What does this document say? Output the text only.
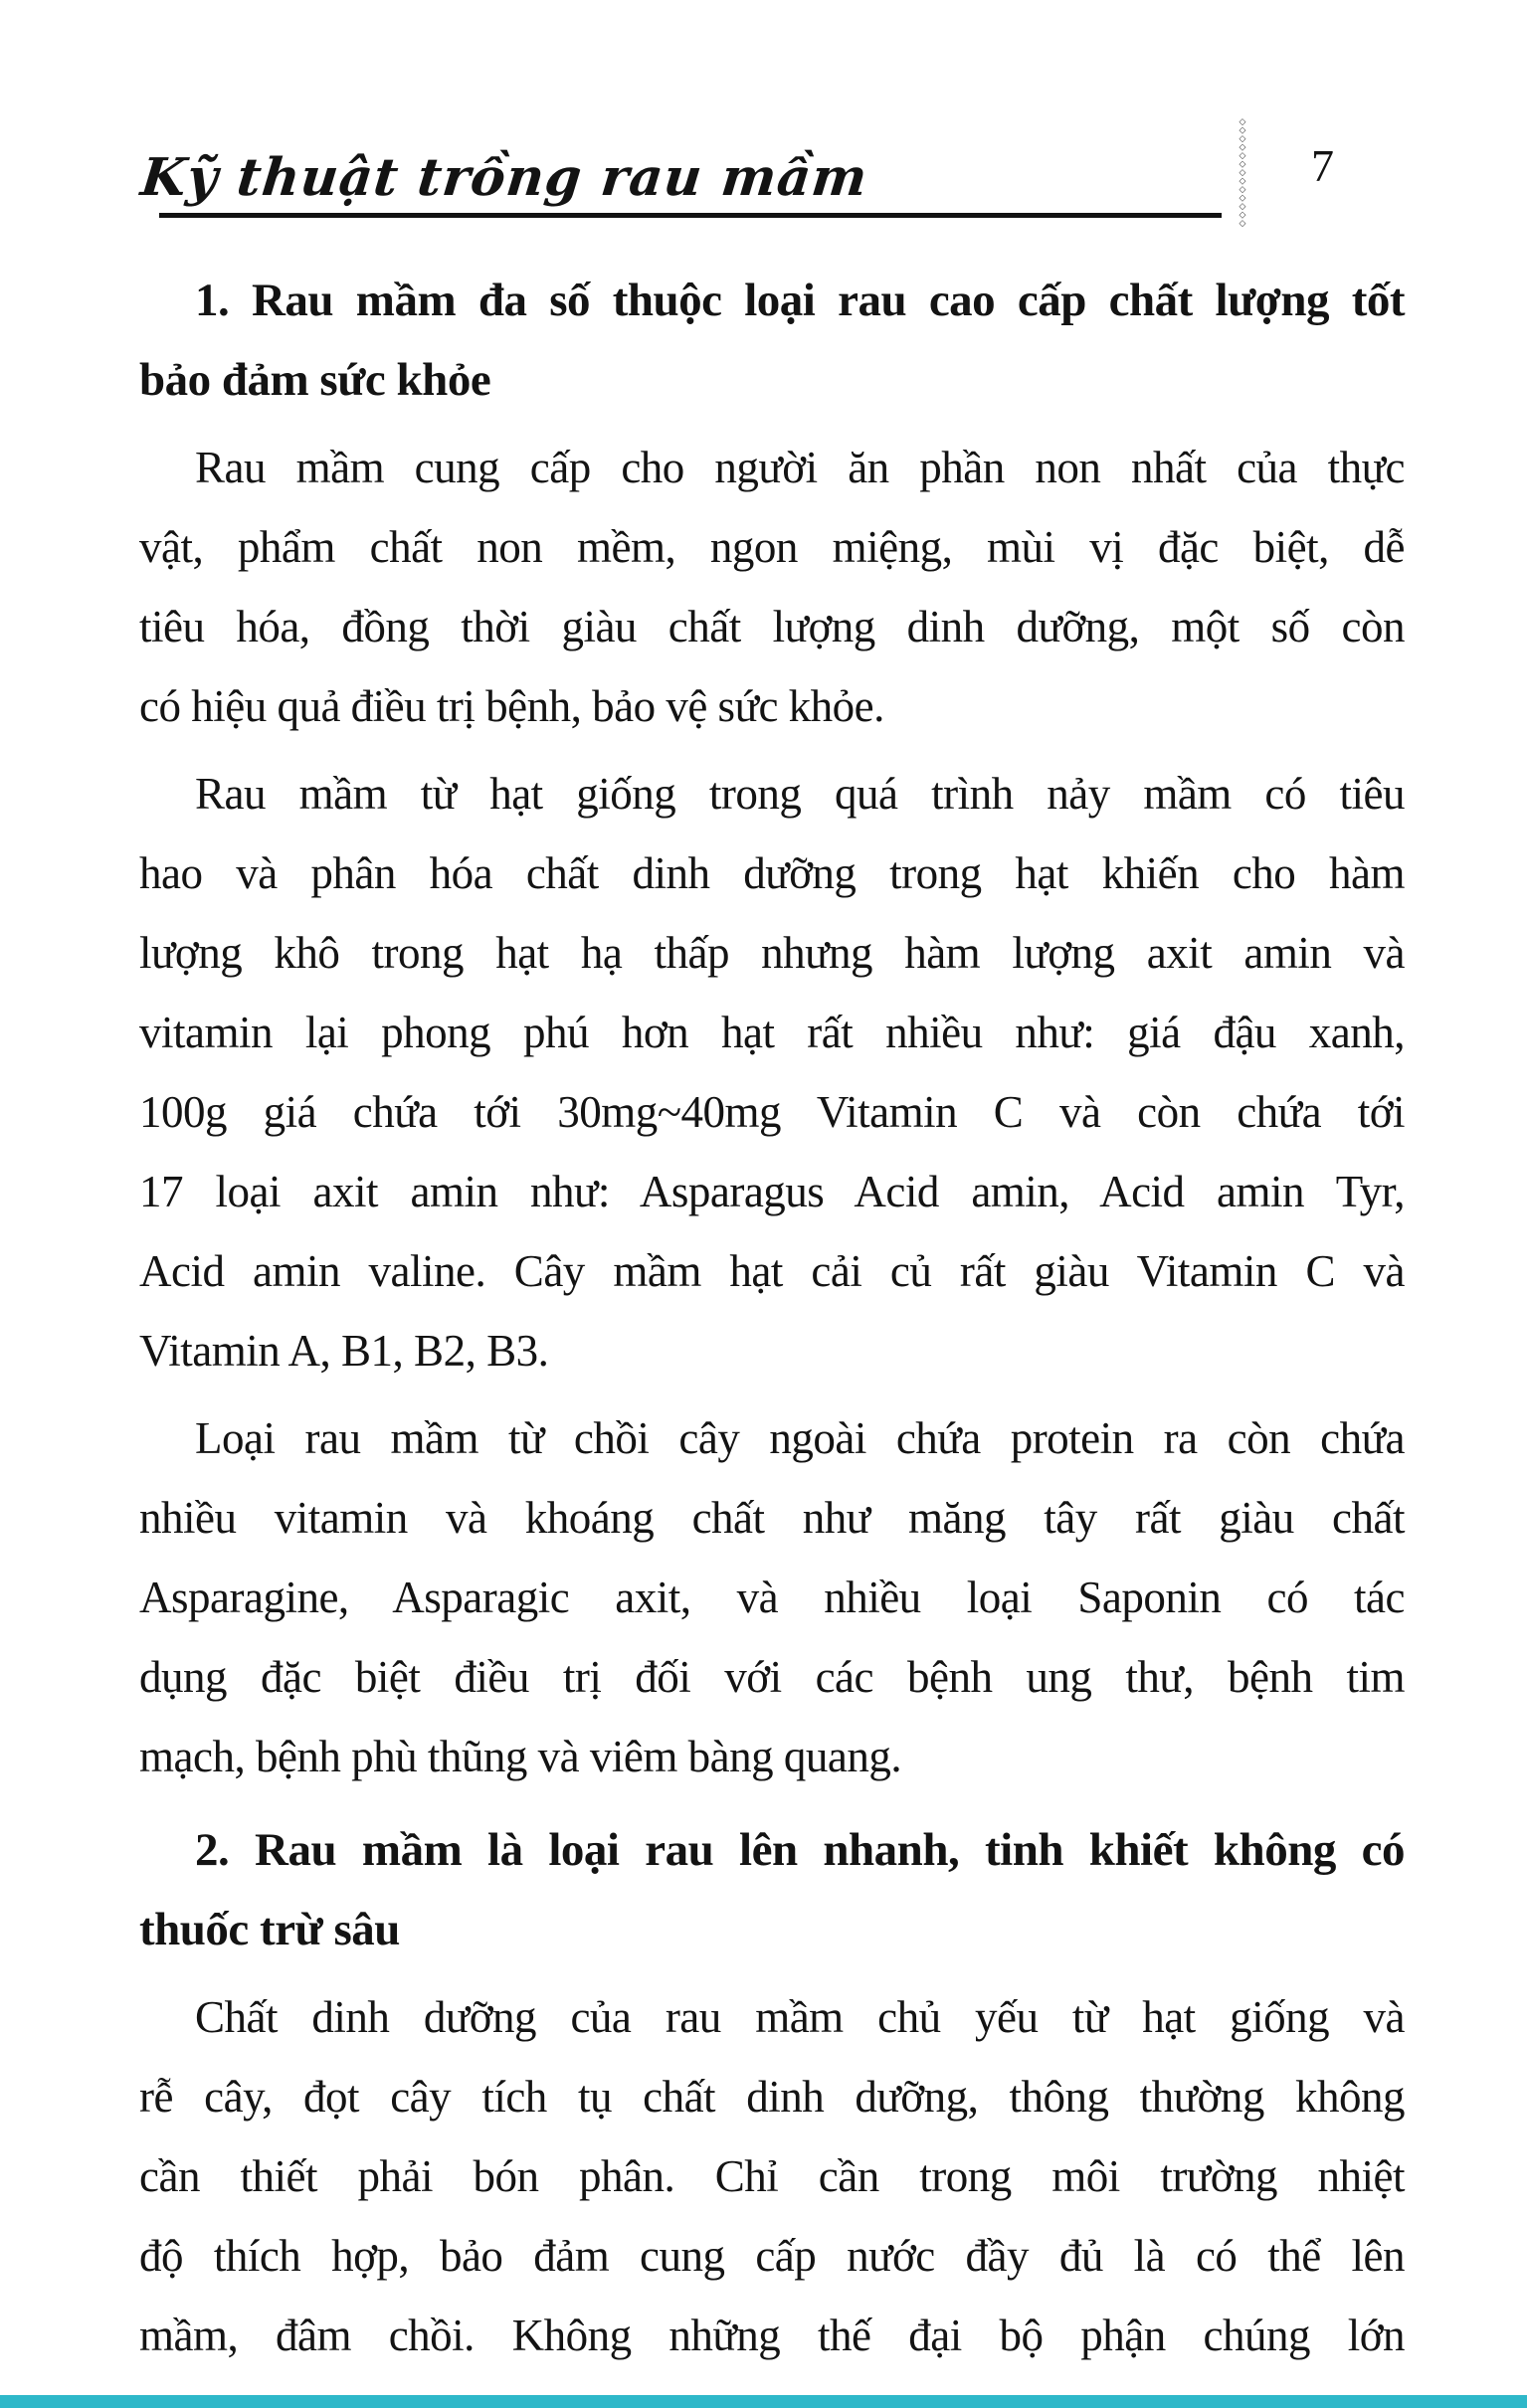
Kỹ thuật trồng rau mầm	◇◇◇◇◇◇◇◇◇◇◇◇◇ 7
1. Rau mầm đa số thuộc loại rau cao cấp chất lượng tốt
bảo đảm sức khỏe
Rau mầm cung cấp cho người ăn phần non nhất của thực
vật, phẩm chất non mềm, ngon miệng, mùi vị đặc biệt, dễ
tiêu hóa, đồng thời giàu chất lượng dinh dưỡng, một số còn
có hiệu quả điều trị bệnh, bảo vệ sức khỏe.
Rau mầm từ hạt giống trong quá trình nảy mầm có tiêu
hao và phân hóa chất dinh dưỡng trong hạt khiến cho hàm
lượng khô trong hạt hạ thấp nhưng hàm lượng axit amin và
vitamin lại phong phú hơn hạt rất nhiều như: giá đậu xanh,
100g giá chứa tới 30mg~40mg Vitamin C và còn chứa tới
17 loại axit amin như: Asparagus Acid amin, Acid amin Tyr,
Acid amin valine. Cây mầm hạt cải củ rất giàu Vitamin C và
Vitamin A, B1, B2, B3.
Loại rau mầm từ chồi cây ngoài chứa protein ra còn chứa
nhiều vitamin và khoáng chất như măng tây rất giàu chất
Asparagine, Asparagic axit, và nhiều loại Saponin có tác
dụng đặc biệt điều trị đối với các bệnh ung thư, bệnh tim
mạch, bệnh phù thũng và viêm bàng quang.
2. Rau mầm là loại rau lên nhanh, tinh khiết không có
thuốc trừ sâu
Chất dinh dưỡng của rau mầm chủ yếu từ hạt giống và
rễ cây, đọt cây tích tụ chất dinh dưỡng, thông thường không
cần thiết phải bón phân. Chỉ cần trong môi trường nhiệt
độ thích hợp, bảo đảm cung cấp nước đầy đủ là có thể lên
mầm, đâm chồi. Không những thế đại bộ phận chúng lớn
